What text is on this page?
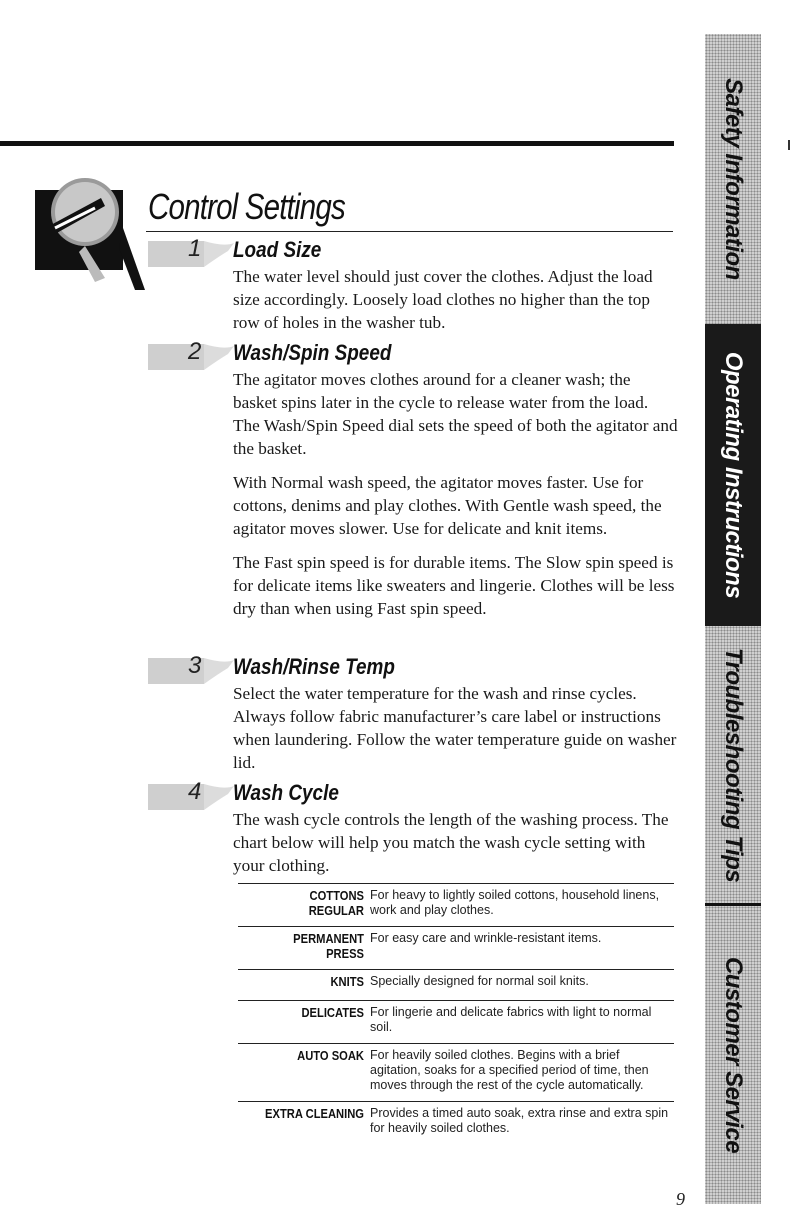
Control Settings
1 Load Size

The water level should just cover the clothes. Adjust the load size accordingly. Loosely load clothes no higher than the top row of holes in the washer tub.

2 Wash/Spin Speed

The agitator moves clothes around for a cleaner wash; the basket spins later in the cycle to release water from the load. The Wash/Spin Speed dial sets the speed of both the agitator and the basket.

With Normal wash speed, the agitator moves faster. Use for cottons, denims and play clothes. With Gentle wash speed, the agitator moves slower. Use for delicate and knit items.

The Fast spin speed is for durable items. The Slow spin speed is for delicate items like sweaters and lingerie. Clothes will be less dry than when using Fast spin speed.

3 Wash/Rinse Temp

Select the water temperature for the wash and rinse cycles. Always follow fabric manufacturer’s care label or instructions when laundering. Follow the water temperature guide on washer lid.

4 Wash Cycle

The wash cycle controls the length of the washing process. The chart below will help you match the wash cycle setting with your clothing.

COTTONS REGULARFor heavy to lightly soiled cottons, household linens, work and play clothes.
PERMANENT PRESSFor easy care and wrinkle-resistant items.
KNITS Specially designed for normal soil knits.
DELICATES For lingerie and delicate fabrics with light to normal soil.
AUTO SOAK For heavily soiled clothes. Begins with a brief agitation, soaks for a specified period of time, then moves through the rest of the cycle automatically.
EXTRA CLEANING Provides a timed auto soak, extra rinse and extra spin for heavily soiled clothes.
9
Safety Information
Operating Instructions
Troubleshooting Tips
Customer Service
